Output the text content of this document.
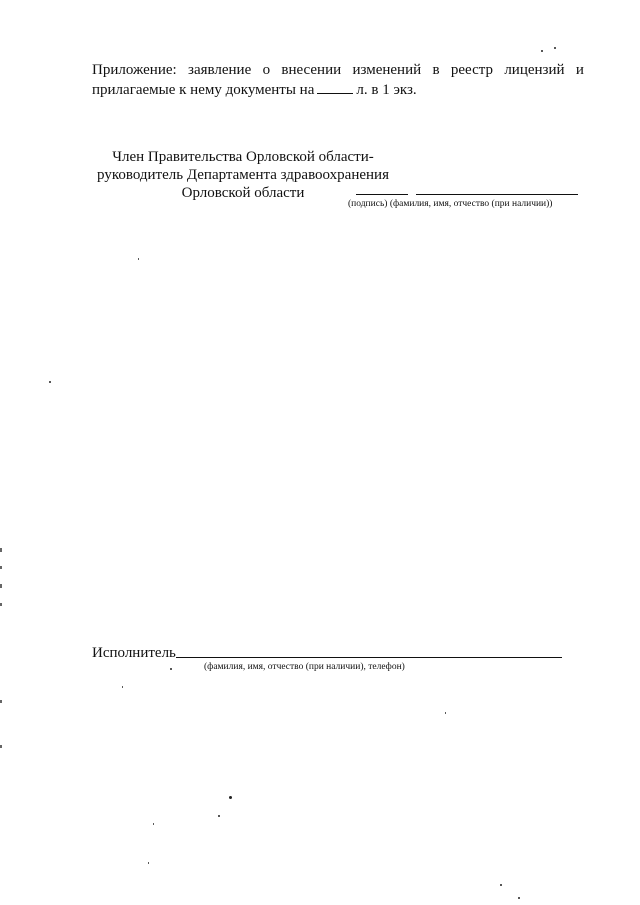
Приложение: заявление о внесении изменений в реестр лицензий и
прилагаемые к нему документы на	л. в 1 экз.
Член Правительства Орловской области-
руководитель Департамента здравоохранения
Орловской области
(подпись) (фамилия, имя, отчество (при наличии))
Исполнитель
(фамилия, имя, отчество (при наличии), телефон)
